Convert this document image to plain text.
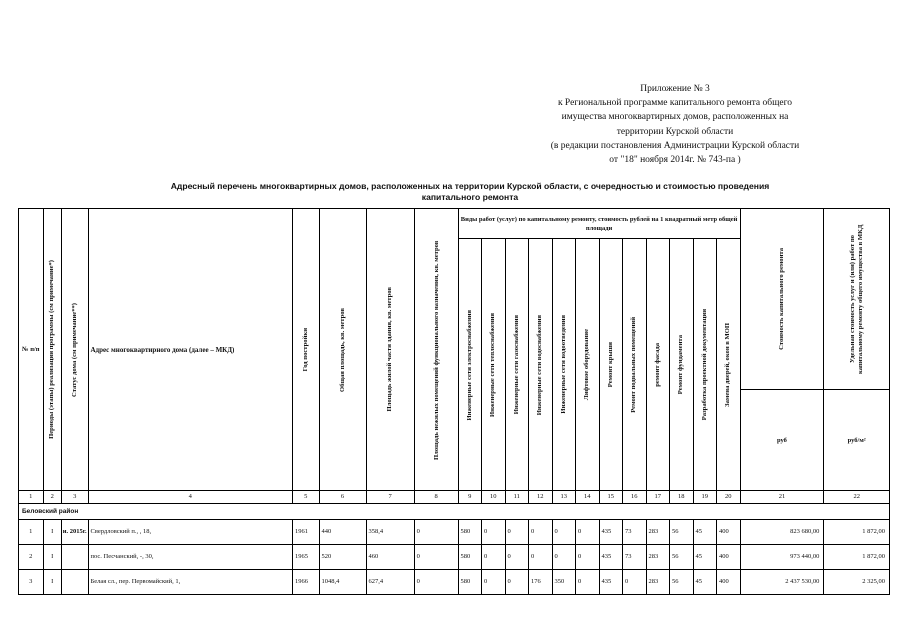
Приложение № 3
к Региональной программе капитального ремонта общего
имущества многоквартирных домов, расположенных на
территории Курской области
(в редакции постановления Администрации Курской области
от "18" ноября 2014г. № 743-па )
Адресный перечень многоквартирных домов, расположенных на территории Курской области, с очередностью и стоимостью проведения
капитального ремонта
№ п/п	Периоды (этапы) реализации программы (см примечание*)	Статус дома (см примечание**)	Адрес многоквартирного дома (далее – МКД)	Год постройки	Общая площадь, кв. метров	Площадь жилой части здания, кв. метров	Площадь нежилых помещений функционального назначения, кв. метров	Виды работ (услуг) по капитальному ремонту, стоимость рублей на 1 квадратный метр общей площади												Стоимость капитального ремонта	Удельная стоимость услуг и (или) работ по капитальному ремонту общего имущества в МКД

								Инженерные сети электроснабжения	Инженерные сети теплоснабжения	Инженерные сети газоснабжения	Инженерные сети водоснабжения	Инженерные сети водоотведения	Лифтовое оборудование	Ремонт крыши	Ремонт подвальных помещений	ремонт фасада	Ремонт фундамента	Разработка проектной документации	Замена дверей, окон в МОП		

																				руб	руб/м²
1	2	3	4	5	6	7	8	9	10	11	12	13	14	15	16	17	18	19	20	21	22
Беловский район																					
1	I	и. 2015г.	Свердловский п., , 18,	1961	440	358,4	0	580	0	0	0	0	0	435	73	283	56	45	400	823 680,00	1 872,00
2	I		пос. Песчанский, -, 30,	1965	520	460	0	580	0	0	0	0	0	435	73	283	56	45	400	973 440,00	1 872,00
3	I		Белая сл., пер. Первомайский, 1,	1966	1048,4	627,4	0	580	0	0	176	350	0	435	0	283	56	45	400	2 437 530,00	2 325,00
